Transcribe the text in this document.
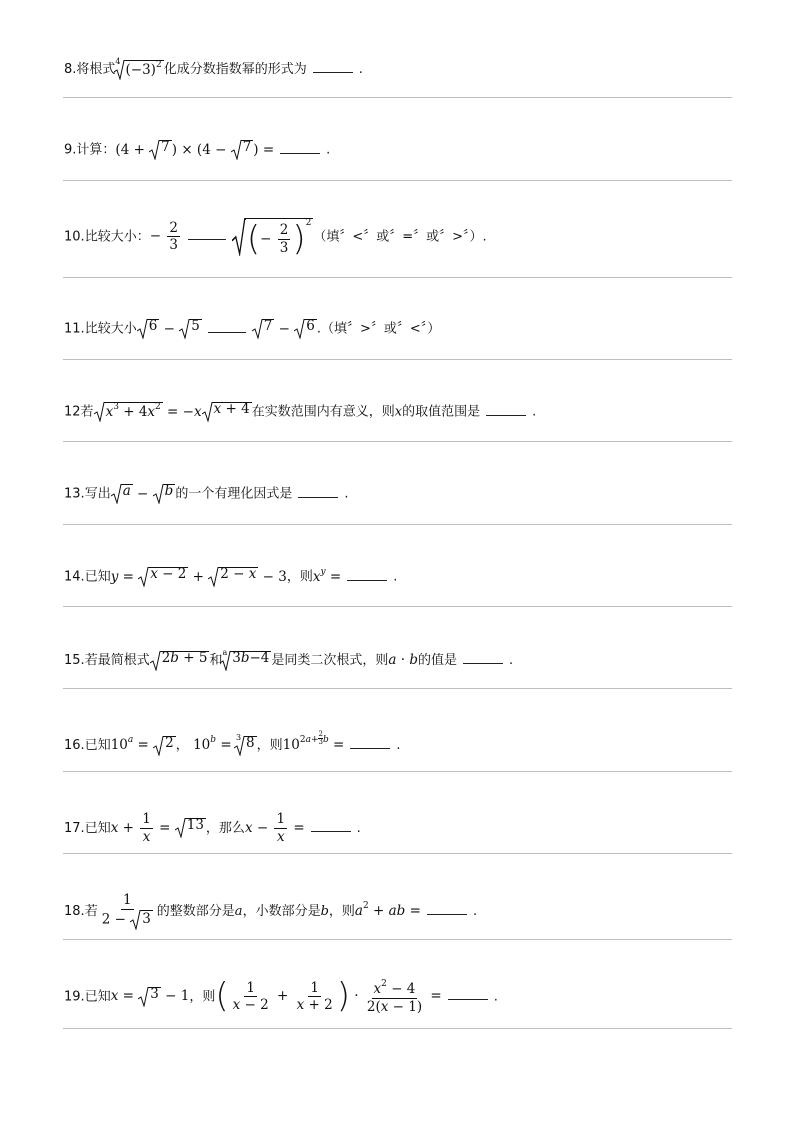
8.将根式$^4$ $(-3)^2$ 化成分数指数幂的形式为	.
9.计算：(4 + 7 ) × (4 − 7 ) =	.
10.比较大小：− $\frac{2}{3}$ (− $\frac{2}{3} )^2$
（填〞<〞或〞=〞或〞>〞）.
11.比较大小 6 − 5	7 − 6 .（填〞>〞或〞<〞）
12若 $x^3 + 4x^2 = -x$ x + 4 在实数范围内有意义，则x的取值范围是	.
13.写出 a − b 的一个有理化因式是	.
14.已知y = x − 2 + 2 − x − 3，则$x^y$ =	.
15.若最简根式 2b + 5 和$^a$ 3b−4 是同类二次根式，则a · b的值是	.
16.已知$10^a = 2$ ， $10^b = ^3$ 8 ，则$10^{2a+ \frac{2}{3} b}$ =	.
17.已知$x + \frac{1}{x} = 13$ ，那么$x - \frac{1}{x}$ =	.
18.若 $\frac{1}{2 - 3}$ 的整数部分是a，小数部分是b，则$a^2$ + ab =	.
19.已知x = 3 − 1，则( $\frac{1}{x - 2} + \frac{1}{x + 2}$ ) · $\frac{x^2 - 4}{2(x - 1)}$ =	.
